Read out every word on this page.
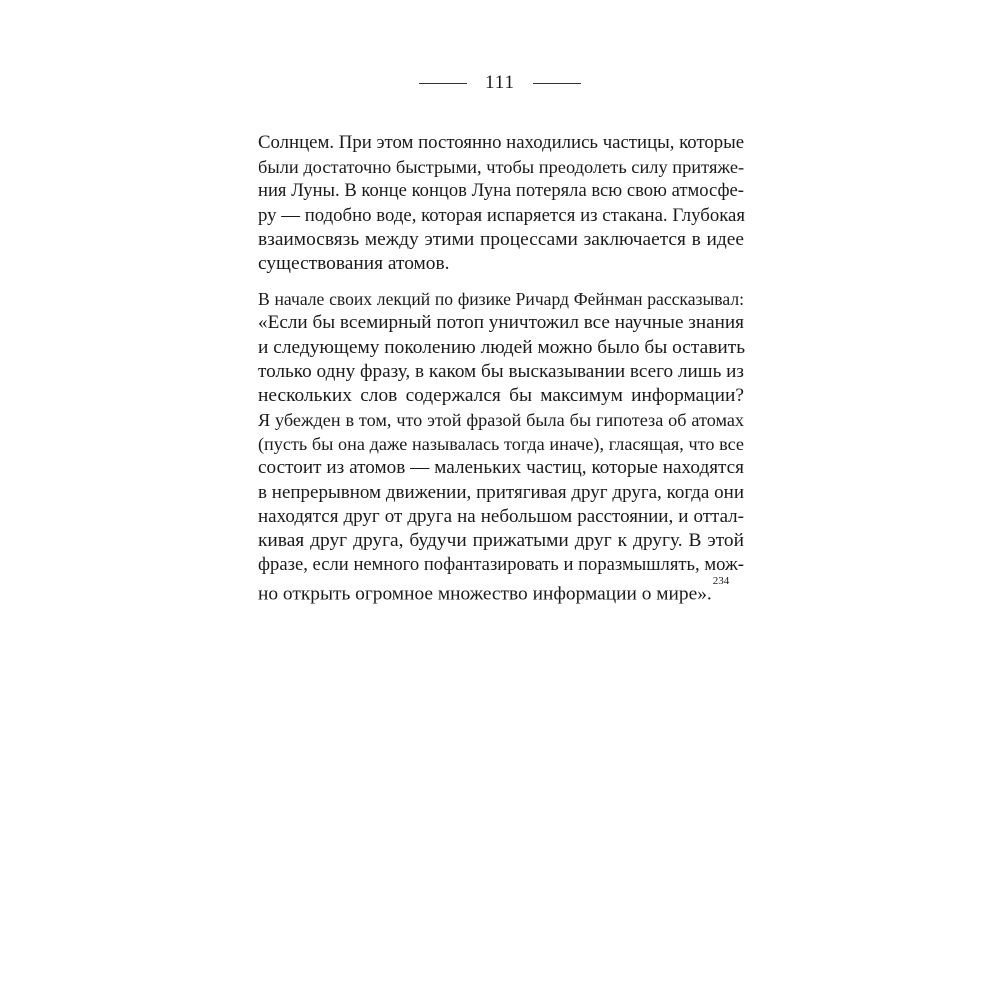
111
Солнцем. При этом постоянно находились частицы, которые
были достаточно быстрыми, чтобы преодолеть силу притяже-
ния Луны. В конце концов Луна потеряла всю свою атмосфе-
ру — подобно воде, которая испаряется из стакана. Глубокая
взаимосвязь между этими процессами заключается в идее
существования атомов.
В начале своих лекций по физике Ричард Фейнман рассказывал:
«Если бы всемирный потоп уничтожил все научные знания
и следующему поколению людей можно было бы оставить
только одну фразу, в каком бы высказывании всего лишь из
нескольких слов содержался бы максимум информации?
Я убежден в том, что этой фразой была бы гипотеза об атомах
(пусть бы она даже называлась тогда иначе), гласящая, что все
состоит из атомов — маленьких частиц, которые находятся
в непрерывном движении, притягивая друг друга, когда они
находятся друг от друга на небольшом расстоянии, и оттал-
кивая друг друга, будучи прижатыми друг к другу. В этой
фразе, если немного пофантазировать и поразмышлять, мож-
но открыть огромное множество информации о мире».$^{234}$
